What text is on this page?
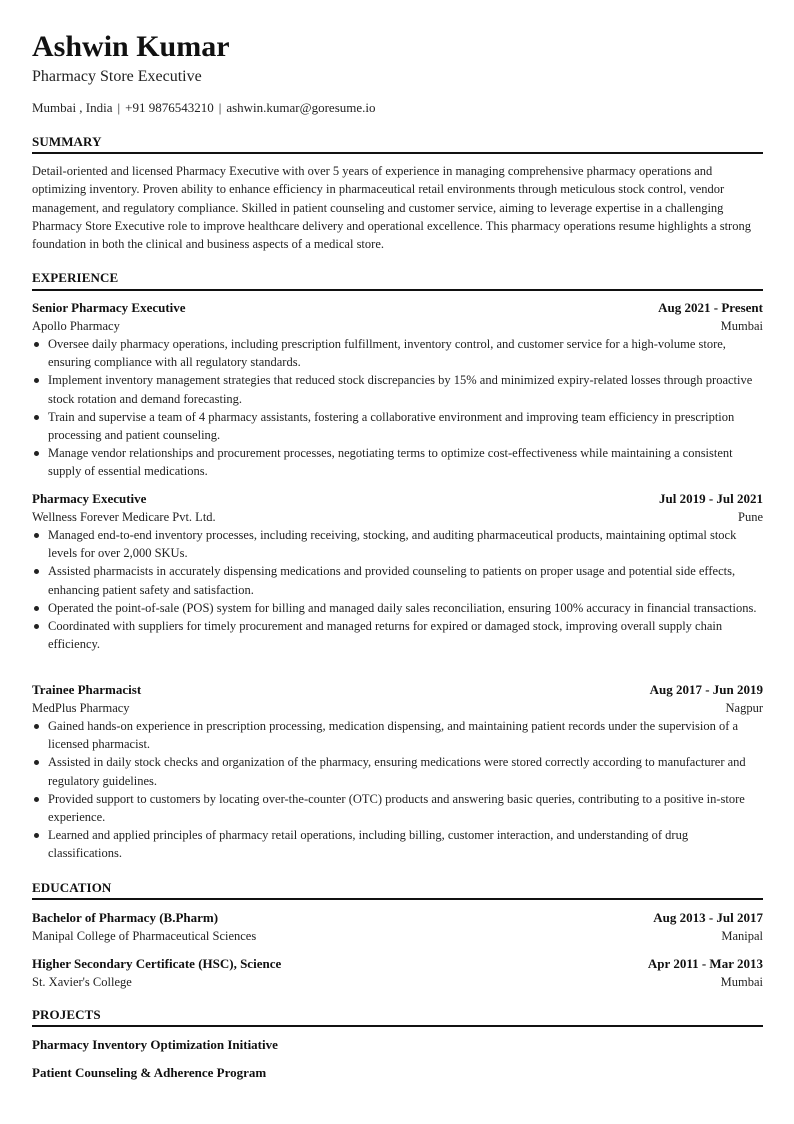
Ashwin Kumar
Pharmacy Store Executive
Mumbai , India | +91 9876543210 | ashwin.kumar@goresume.io
SUMMARY

Detail-oriented and licensed Pharmacy Executive with over 5 years of experience in managing comprehensive pharmacy operations and optimizing inventory. Proven ability to enhance efficiency in pharmaceutical retail environments through meticulous stock control, vendor management, and regulatory compliance. Skilled in patient counseling and customer service, aiming to leverage expertise in a challenging Pharmacy Store Executive role to improve healthcare delivery and operational excellence. This pharmacy operations resume highlights a strong foundation in both the clinical and business aspects of a medical store.

EXPERIENCE
Senior Pharmacy Executive	Aug 2021 - Present
Apollo Pharmacy	Mumbai
Oversee daily pharmacy operations, including prescription fulfillment, inventory control, and customer service for a high-volume store, ensuring compliance with all regulatory standards.
Implement inventory management strategies that reduced stock discrepancies by 15% and minimized expiry-related losses through proactive stock rotation and demand forecasting.
Train and supervise a team of 4 pharmacy assistants, fostering a collaborative environment and improving team efficiency in prescription processing and patient counseling.
Manage vendor relationships and procurement processes, negotiating terms to optimize cost-effectiveness while maintaining a consistent supply of essential medications.
Pharmacy Executive	Jul 2019 - Jul 2021
Wellness Forever Medicare Pvt. Ltd.	Pune
Managed end-to-end inventory processes, including receiving, stocking, and auditing pharmaceutical products, maintaining optimal stock levels for over 2,000 SKUs.
Assisted pharmacists in accurately dispensing medications and provided counseling to patients on proper usage and potential side effects, enhancing patient safety and satisfaction.
Operated the point-of-sale (POS) system for billing and managed daily sales reconciliation, ensuring 100% accuracy in financial transactions.
Coordinated with suppliers for timely procurement and managed returns for expired or damaged stock, improving overall supply chain efficiency.
Trainee Pharmacist	Aug 2017 - Jun 2019
MedPlus Pharmacy	Nagpur
Gained hands-on experience in prescription processing, medication dispensing, and maintaining patient records under the supervision of a licensed pharmacist.
Assisted in daily stock checks and organization of the pharmacy, ensuring medications were stored correctly according to manufacturer and regulatory guidelines.
Provided support to customers by locating over-the-counter (OTC) products and answering basic queries, contributing to a positive in-store experience.
Learned and applied principles of pharmacy retail operations, including billing, customer interaction, and understanding of drug classifications.
EDUCATION
Bachelor of Pharmacy (B.Pharm)	Aug 2013 - Jul 2017
Manipal College of Pharmaceutical Sciences	Manipal
Higher Secondary Certificate (HSC), Science	Apr 2011 - Mar 2013
St. Xavier's College	Mumbai
PROJECTS
Pharmacy Inventory Optimization Initiative
Patient Counseling & Adherence Program
